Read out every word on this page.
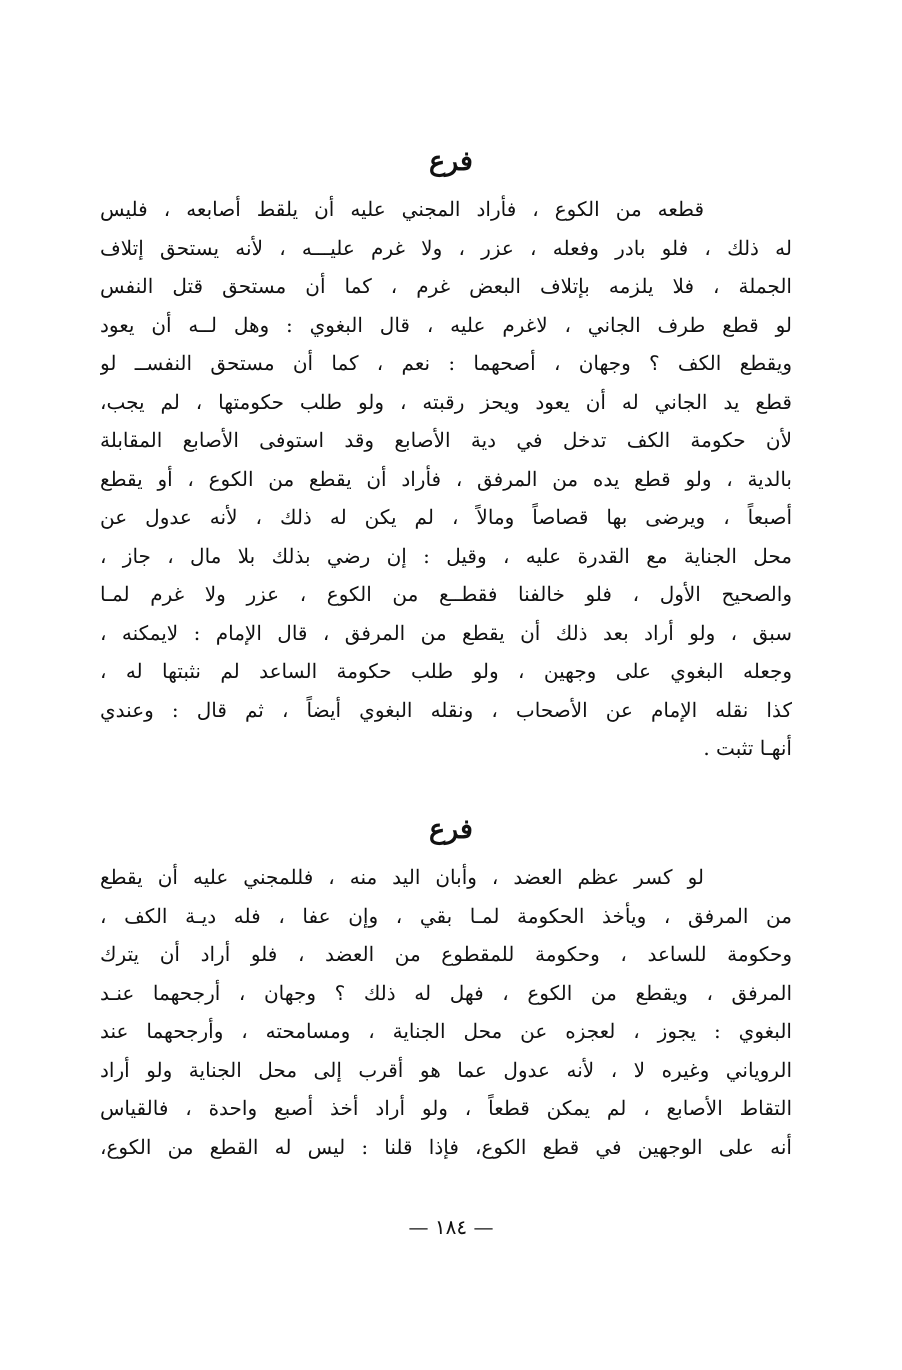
فرع
قطعه من الكوع ، فأراد المجني عليه أن يلقط أصابعه ، فليس
له ذلك ، فلو بادر وفعله ، عزر ، ولا غرم عليـــه ، لأنه يستحق إتلاف
الجملة ، فلا يلزمه بإتلاف البعض غرم ، كما أن مستحق قتل النفس
لو قطع طرف الجاني ، لاغرم عليه ، قال البغوي : وهل لــه أن يعود
ويقطع الكف ؟ وجهان ، أصحهما : نعم ، كما أن مستحق النفســ لو
قطع يد الجاني له أن يعود ويحز رقبته ، ولو طلب حكومتها ، لم يجب،
لأن حكومة الكف تدخل في دية الأصابع وقد استوفى الأصابع المقابلة
بالدية ، ولو قطع يده من المرفق ، فأراد أن يقطع من الكوع ، أو يقطع
أصبعاً ، ويرضى بها قصاصاً ومالاً ، لم يكن له ذلك ، لأنه عدول عن
محل الجناية مع القدرة عليه ، وقيل : إن رضي بذلك بلا مال ، جاز ،
والصحيح الأول ، فلو خالفنا فقطــع من الكوع ، عزر ولا غرم لمـا
سبق ، ولو أراد بعد ذلك أن يقطع من المرفق ، قال الإمام : لايمكنه ،
وجعله البغوي على وجهين ، ولو طلب حكومة الساعد لم نثبتها له ،
كذا نقله الإمام عن الأصحاب ، ونقله البغوي أيضاً ، ثم قال : وعندي
أنهـا تثبت .
فرع
لو كسر عظم العضد ، وأبان اليد منه ، فللمجني عليه أن يقطع
من المرفق ، ويأخذ الحكومة لمـا بقي ، وإن عفا ، فله ديـة الكف ،
وحكومة للساعد ، وحكومة للمقطوع من العضد ، فلو أراد أن يترك
المرفق ، ويقطع من الكوع ، فهل له ذلك ؟ وجهان ، أرجحهما عنـد
البغوي : يجوز ، لعجزه عن محل الجناية ، ومسامحته ، وأرجحهما عند
الروياني وغيره لا ، لأنه عدول عما هو أقرب إلى محل الجناية ولو أراد
التقاط الأصابع ، لم يمكن قطعاً ، ولو أراد أخذ أصبع واحدة ، فالقياس
أنه على الوجهين في قطع الكوع، فإذا قلنا : ليس له القطع من الكوع،
— ١٨٤ —
